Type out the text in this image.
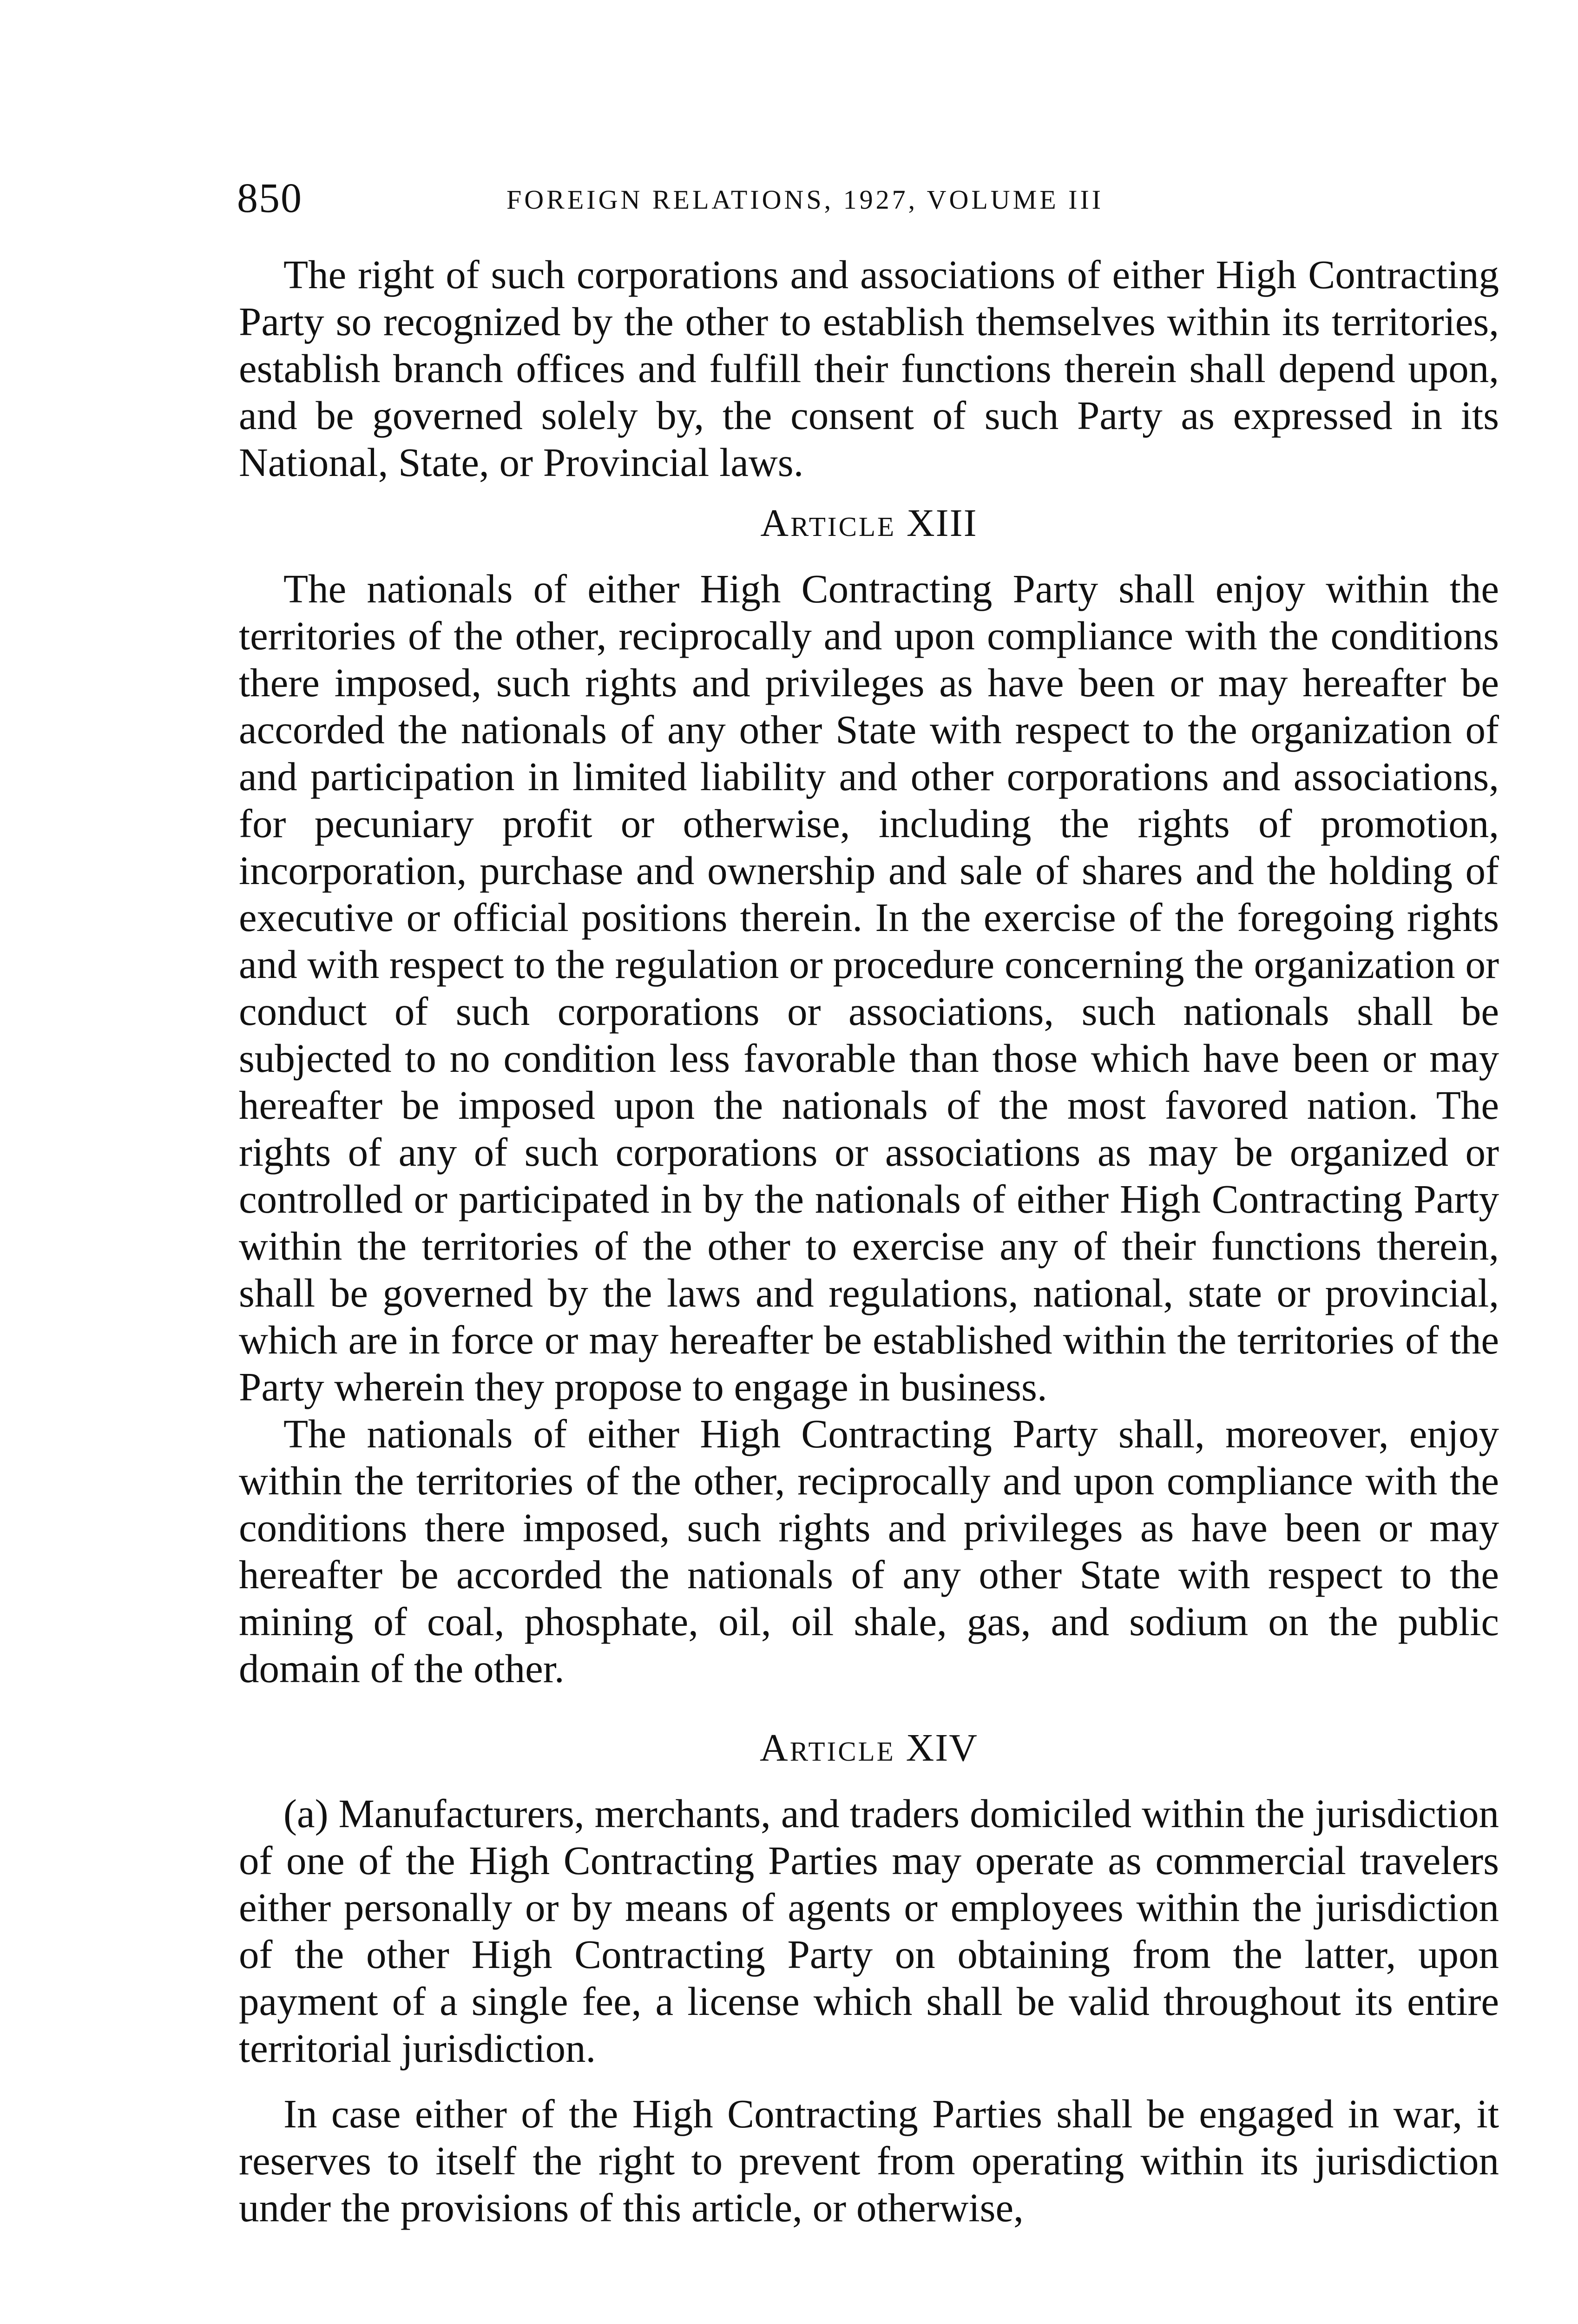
850	FOREIGN RELATIONS, 1927, VOLUME III

The right of such corporations and associations of either High Contracting Party so recognized by the other to establish themselves within its territories, establish branch offices and fulfill their functions therein shall depend upon, and be governed solely by, the consent of such Party as expressed in its National, State, or Provincial laws.

Article XIII

The nationals of either High Contracting Party shall enjoy within the territories of the other, reciprocally and upon compliance with the conditions there imposed, such rights and privileges as have been or may hereafter be accorded the nationals of any other State with respect to the organization of and participation in limited liability and other corporations and associations, for pecuniary profit or otherwise, including the rights of promotion, incorporation, purchase and ownership and sale of shares and the holding of executive or official positions therein. In the exercise of the foregoing rights and with respect to the regulation or procedure concerning the organization or conduct of such corporations or associations, such nationals shall be subjected to no condition less favorable than those which have been or may hereafter be imposed upon the nationals of the most favored nation. The rights of any of such corporations or associations as may be organized or controlled or participated in by the nationals of either High Contracting Party within the territories of the other to exercise any of their functions therein, shall be governed by the laws and regulations, national, state or provincial, which are in force or may hereafter be established within the territories of the Party wherein they propose to engage in business.

The nationals of either High Contracting Party shall, moreover, enjoy within the territories of the other, reciprocally and upon compliance with the conditions there imposed, such rights and privileges as have been or may hereafter be accorded the nationals of any other State with respect to the mining of coal, phosphate, oil, oil shale, gas, and sodium on the public domain of the other.

Article XIV

(a) Manufacturers, merchants, and traders domiciled within the jurisdiction of one of the High Contracting Parties may operate as commercial travelers either personally or by means of agents or employees within the jurisdiction of the other High Contracting Party on obtaining from the latter, upon payment of a single fee, a license which shall be valid throughout its entire territorial jurisdiction.

In case either of the High Contracting Parties shall be engaged in war, it reserves to itself the right to prevent from operating within its jurisdiction under the provisions of this article, or otherwise,
